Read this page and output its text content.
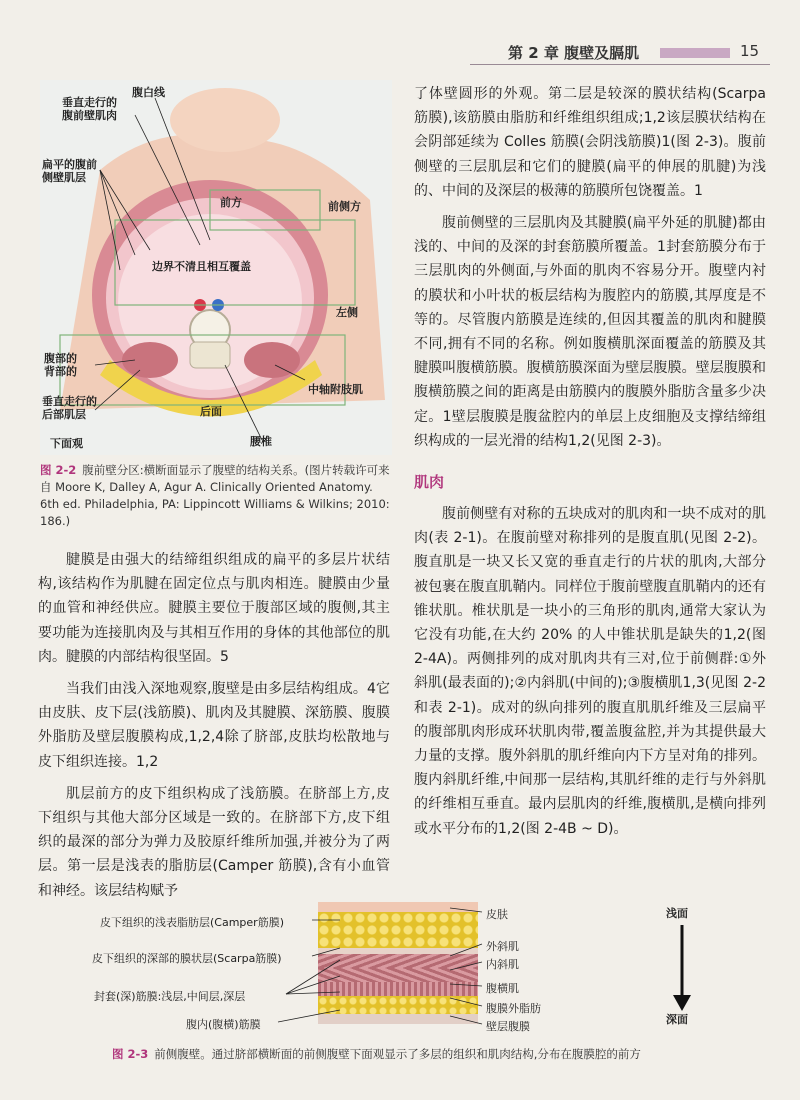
第 2 章 腹壁及膈肌	15
垂直走行的
腹前壁肌肉
腹白线
扁平的腹前
侧壁肌层
前方	前侧方
边界不清且相互覆盖
左侧
腹部的
背部的
垂直走行的
后部肌层	后面
腰椎
中轴附肢肌
下面观
图 2-2 腹前壁分区:横断面显示了腹壁的结构关系。(图片转载许可来自 Moore K, Dalley A, Agur A. Clinically Oriented Anatomy. 6th ed. Philadelphia, PA: Lippincott Williams & Wilkins; 2010: 186.)

腱膜是由强大的结缔组织组成的扁平的多层片状结构,该结构作为肌腱在固定位点与肌肉相连。腱膜由少量的血管和神经供应。腱膜主要位于腹部区域的腹侧,其主要功能为连接肌肉及与其相互作用的身体的其他部位的肌肉。腱膜的内部结构很坚固。5

当我们由浅入深地观察,腹壁是由多层结构组成。4它由皮肤、皮下层(浅筋膜)、肌肉及其腱膜、深筋膜、腹膜外脂肪及壁层腹膜构成,1,2,4除了脐部,皮肤均松散地与皮下组织连接。1,2

肌层前方的皮下组织构成了浅筋膜。在脐部上方,皮下组织与其他大部分区域是一致的。在脐部下方,皮下组织的最深的部分为弹力及胶原纤维所加强,并被分为了两层。第一层是浅表的脂肪层(Camper 筋膜),含有小血管和神经。该层结构赋予

了体壁圆形的外观。第二层是较深的膜状结构(Scarpa 筋膜),该筋膜由脂肪和纤维组织组成;1,2该层膜状结构在会阴部延续为 Colles 筋膜(会阴浅筋膜)1(图 2-3)。腹前侧壁的三层肌层和它们的腱膜(扁平的伸展的肌腱)为浅的、中间的及深层的极薄的筋膜所包饶覆盖。1

腹前侧壁的三层肌肉及其腱膜(扁平外延的肌腱)都由浅的、中间的及深的封套筋膜所覆盖。1封套筋膜分布于三层肌肉的外侧面,与外面的肌肉不容易分开。腹壁内衬的膜状和小叶状的板层结构为腹腔内的筋膜,其厚度是不等的。尽管腹内筋膜是连续的,但因其覆盖的肌肉和腱膜不同,拥有不同的名称。例如腹横肌深面覆盖的筋膜及其腱膜叫腹横筋膜。腹横筋膜深面为壁层腹膜。壁层腹膜和腹横筋膜之间的距离是由筋膜内的腹膜外脂肪含量多少决定。1壁层腹膜是腹盆腔内的单层上皮细胞及支撑结缔组织构成的一层光滑的结构1,2(见图 2-3)。

肌肉

腹前侧壁有对称的五块成对的肌肉和一块不成对的肌肉(表 2-1)。在腹前壁对称排列的是腹直肌(见图 2-2)。腹直肌是一块又长又宽的垂直走行的片状的肌肉,大部分被包裹在腹直肌鞘内。同样位于腹前壁腹直肌鞘内的还有锥状肌。椎状肌是一块小的三角形的肌肉,通常大家认为它没有功能,在大约 20% 的人中锥状肌是缺失的1,2(图 2-4A)。两侧排列的成对肌肉共有三对,位于前侧群:①外斜肌(最表面的);②内斜肌(中间的);③腹横肌1,3(见图 2-2 和表 2-1)。成对的纵向排列的腹直肌肌纤维及三层扁平的腹部肌肉形成环状肌肉带,覆盖腹盆腔,并为其提供最大力量的支撑。腹外斜肌的肌纤维向内下方呈对角的排列。腹内斜肌纤维,中间那一层结构,其肌纤维的走行与外斜肌的纤维相互垂直。最内层肌肉的纤维,腹横肌,是横向排列或水平分布的1,2(图 2-4B ~ D)。

皮下组织的浅表脂肪层(Camper筋膜)
皮下组织的深部的膜状层(Scarpa筋膜)
封套(深)筋膜:浅层,中间层,深层
腹内(腹横)筋膜
皮肤
外斜肌
内斜肌
腹横肌
腹膜外脂肪
壁层腹膜
浅面
深面
图 2-3 前侧腹壁。通过脐部横断面的前侧腹壁下面观显示了多层的组织和肌肉结构,分布在腹膜腔的前方
